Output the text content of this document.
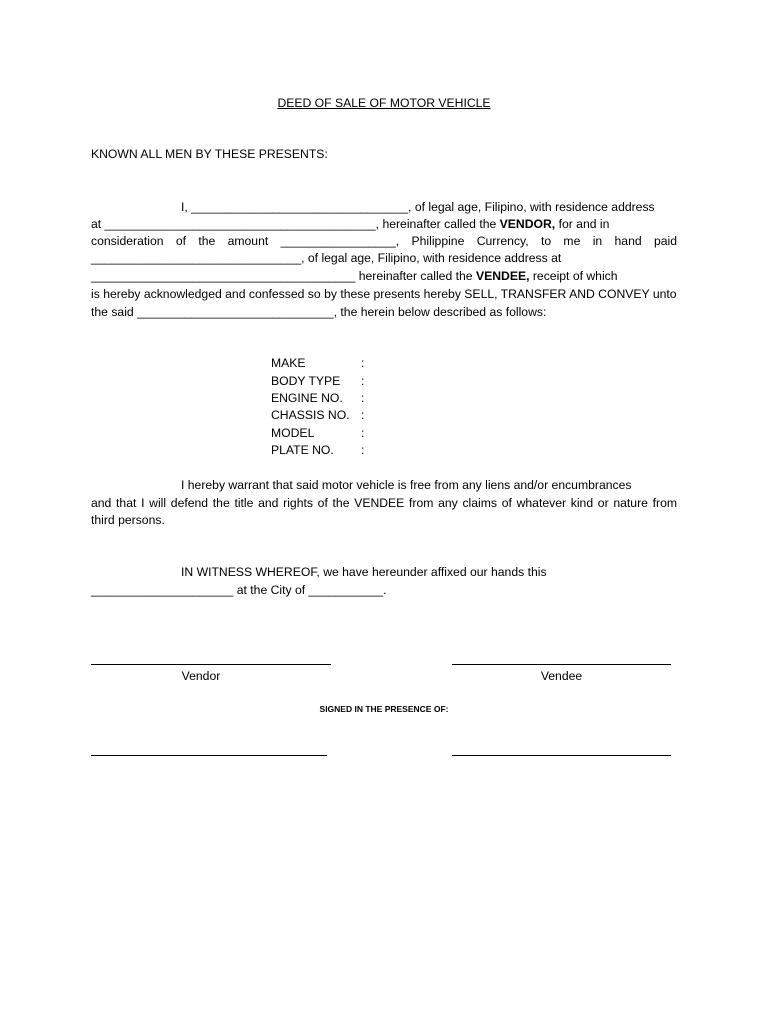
DEED OF SALE OF MOTOR VEHICLE
KNOWN ALL MEN BY THESE PRESENTS:
I, ________________________________, of legal age, Filipino, with residence address
at ________________________________________, hereinafter called the VENDOR, for and in
consideration of the amount _________________, Philippine Currency, to me in hand paid
_______________________________, of legal age, Filipino, with residence address at
_______________________________________ hereinafter called the VENDEE, receipt of which
is hereby acknowledged and confessed so by these presents hereby SELL, TRANSFER AND CONVEY unto
the said _____________________________, the herein below described as follows:
MAKE	:
BODY TYPE :
ENGINE NO. :
CHASSIS NO. :
MODEL	:
PLATE NO. :
I hereby warrant that said motor vehicle is free from any liens and/or encumbrances
and that I will defend the title and rights of the VENDEE from any claims of whatever kind or nature from
third persons.
IN WITNESS WHEREOF, we have hereunder affixed our hands this
_____________________ at the City of ___________.
Vendor	Vendee
SIGNED IN THE PRESENCE OF:
